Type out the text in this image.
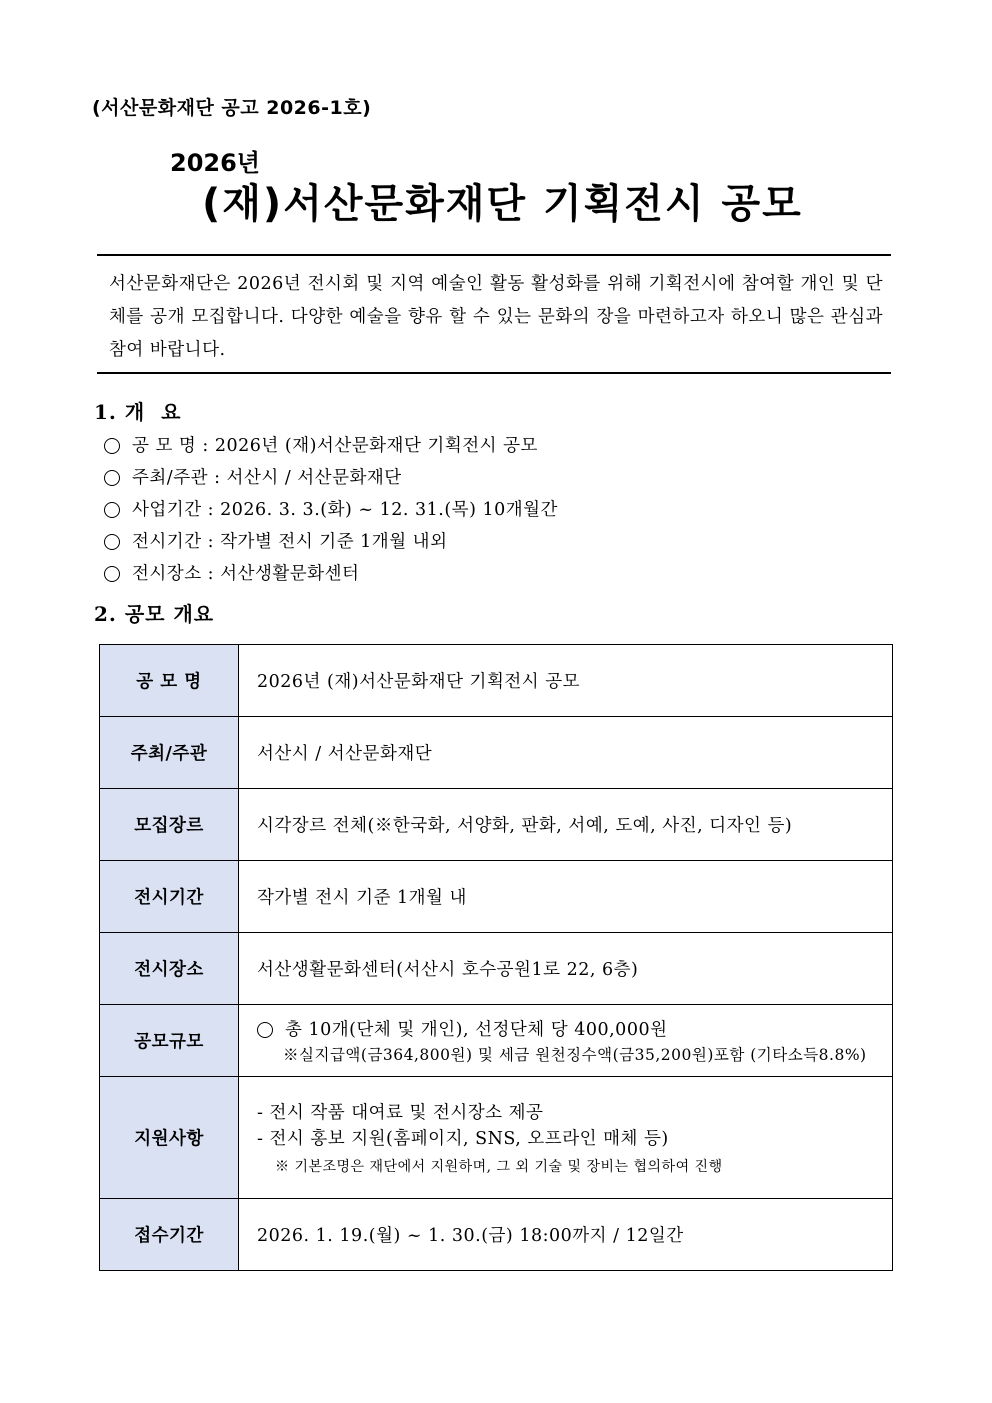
(서산문화재단 공고 2026-1호)
2026년
(재)서산문화재단 기획전시 공모
서산문화재단은 2026년 전시회 및 지역 예술인 활동 활성화를 위해 기획전시에 참여할 개인 및 단체를 공개 모집합니다. 다양한 예술을 향유 할 수 있는 문화의 장을 마련하고자 하오니 많은 관심과 참여 바랍니다.
1. 개  요
공 모 명 : 2026년 (재)서산문화재단 기획전시 공모
주최/주관 : 서산시 / 서산문화재단
사업기간 : 2026. 3. 3.(화) ~ 12. 31.(목) 10개월간
전시기간 : 작가별 전시 기준 1개월 내외
전시장소 : 서산생활문화센터
2. 공모 개요
공 모 명	2026년 (재)서산문화재단 기획전시 공모
주최/주관	서산시 / 서산문화재단
모집장르	시각장르 전체(※한국화, 서양화, 판화, 서예, 도예, 사진, 디자인 등)
전시기간	작가별 전시 기준 1개월 내
전시장소	서산생활문화센터(서산시 호수공원1로 22, 6층)
공모규모	총 10개(단체 및 개인), 선정단체 당 400,000원
※실지급액(금364,800원) 및 세금 원천징수액(금35,200원)포함 (기타소득8.8%)

지원사항	- 전시 작품 대여료 및 전시장소 제공
- 전시 홍보 지원(홈페이지, SNS, 오프라인 매체 등)
※ 기본조명은 재단에서 지원하며, 그 외 기술 및 장비는 협의하여 진행

접수기간	2026. 1. 19.(월) ~ 1. 30.(금) 18:00까지 / 12일간
